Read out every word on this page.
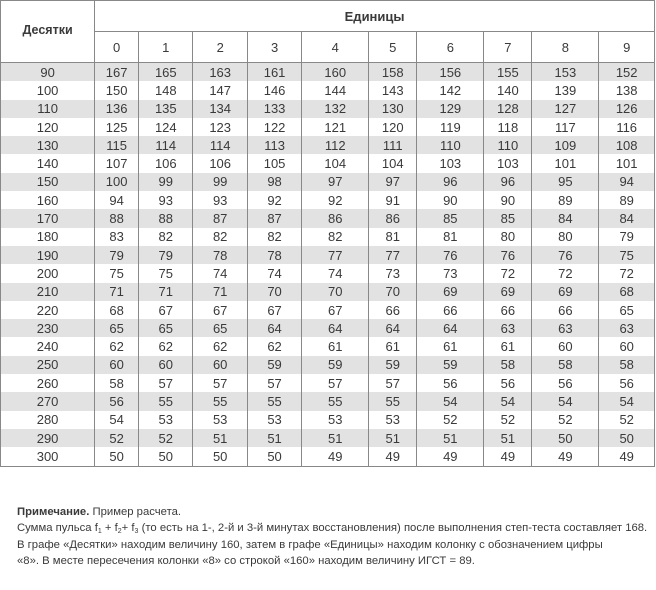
Десятки	Единицы									
	0	1	2	3	4	5	6	7	8	9
90	167	165	163	161	160	158	156	155	153	152
100	150	148	147	146	144	143	142	140	139	138
110	136	135	134	133	132	130	129	128	127	126
120	125	124	123	122	121	120	119	118	117	116
130	115	114	114	113	112	111	110	110	109	108
140	107	106	106	105	104	104	103	103	101	101
150	100	99	99	98	97	97	96	96	95	94
160	94	93	93	92	92	91	90	90	89	89
170	88	88	87	87	86	86	85	85	84	84
180	83	82	82	82	82	81	81	80	80	79
190	79	79	78	78	77	77	76	76	76	75
200	75	75	74	74	74	73	73	72	72	72
210	71	71	71	70	70	70	69	69	69	68
220	68	67	67	67	67	66	66	66	66	65
230	65	65	65	64	64	64	64	63	63	63
240	62	62	62	62	61	61	61	61	60	60
250	60	60	60	59	59	59	59	58	58	58
260	58	57	57	57	57	57	56	56	56	56
270	56	55	55	55	55	55	54	54	54	54
280	54	53	53	53	53	53	52	52	52	52
290	52	52	51	51	51	51	51	51	50	50
300	50	50	50	50	49	49	49	49	49	49
Примечание. Пример расчета.
Сумма пульса $f_1 + f_2+ f_3$ (то есть на 1-, 2-й и 3-й минутах восстановления) после выполнения степ-теста составляет 168.
В графе «Десятки» находим величину 160, затем в графе «Единицы» находим колонку с обозначением цифры
«8». В месте пересечения колонки «8» со строкой «160» находим величину ИГСТ = 89.
